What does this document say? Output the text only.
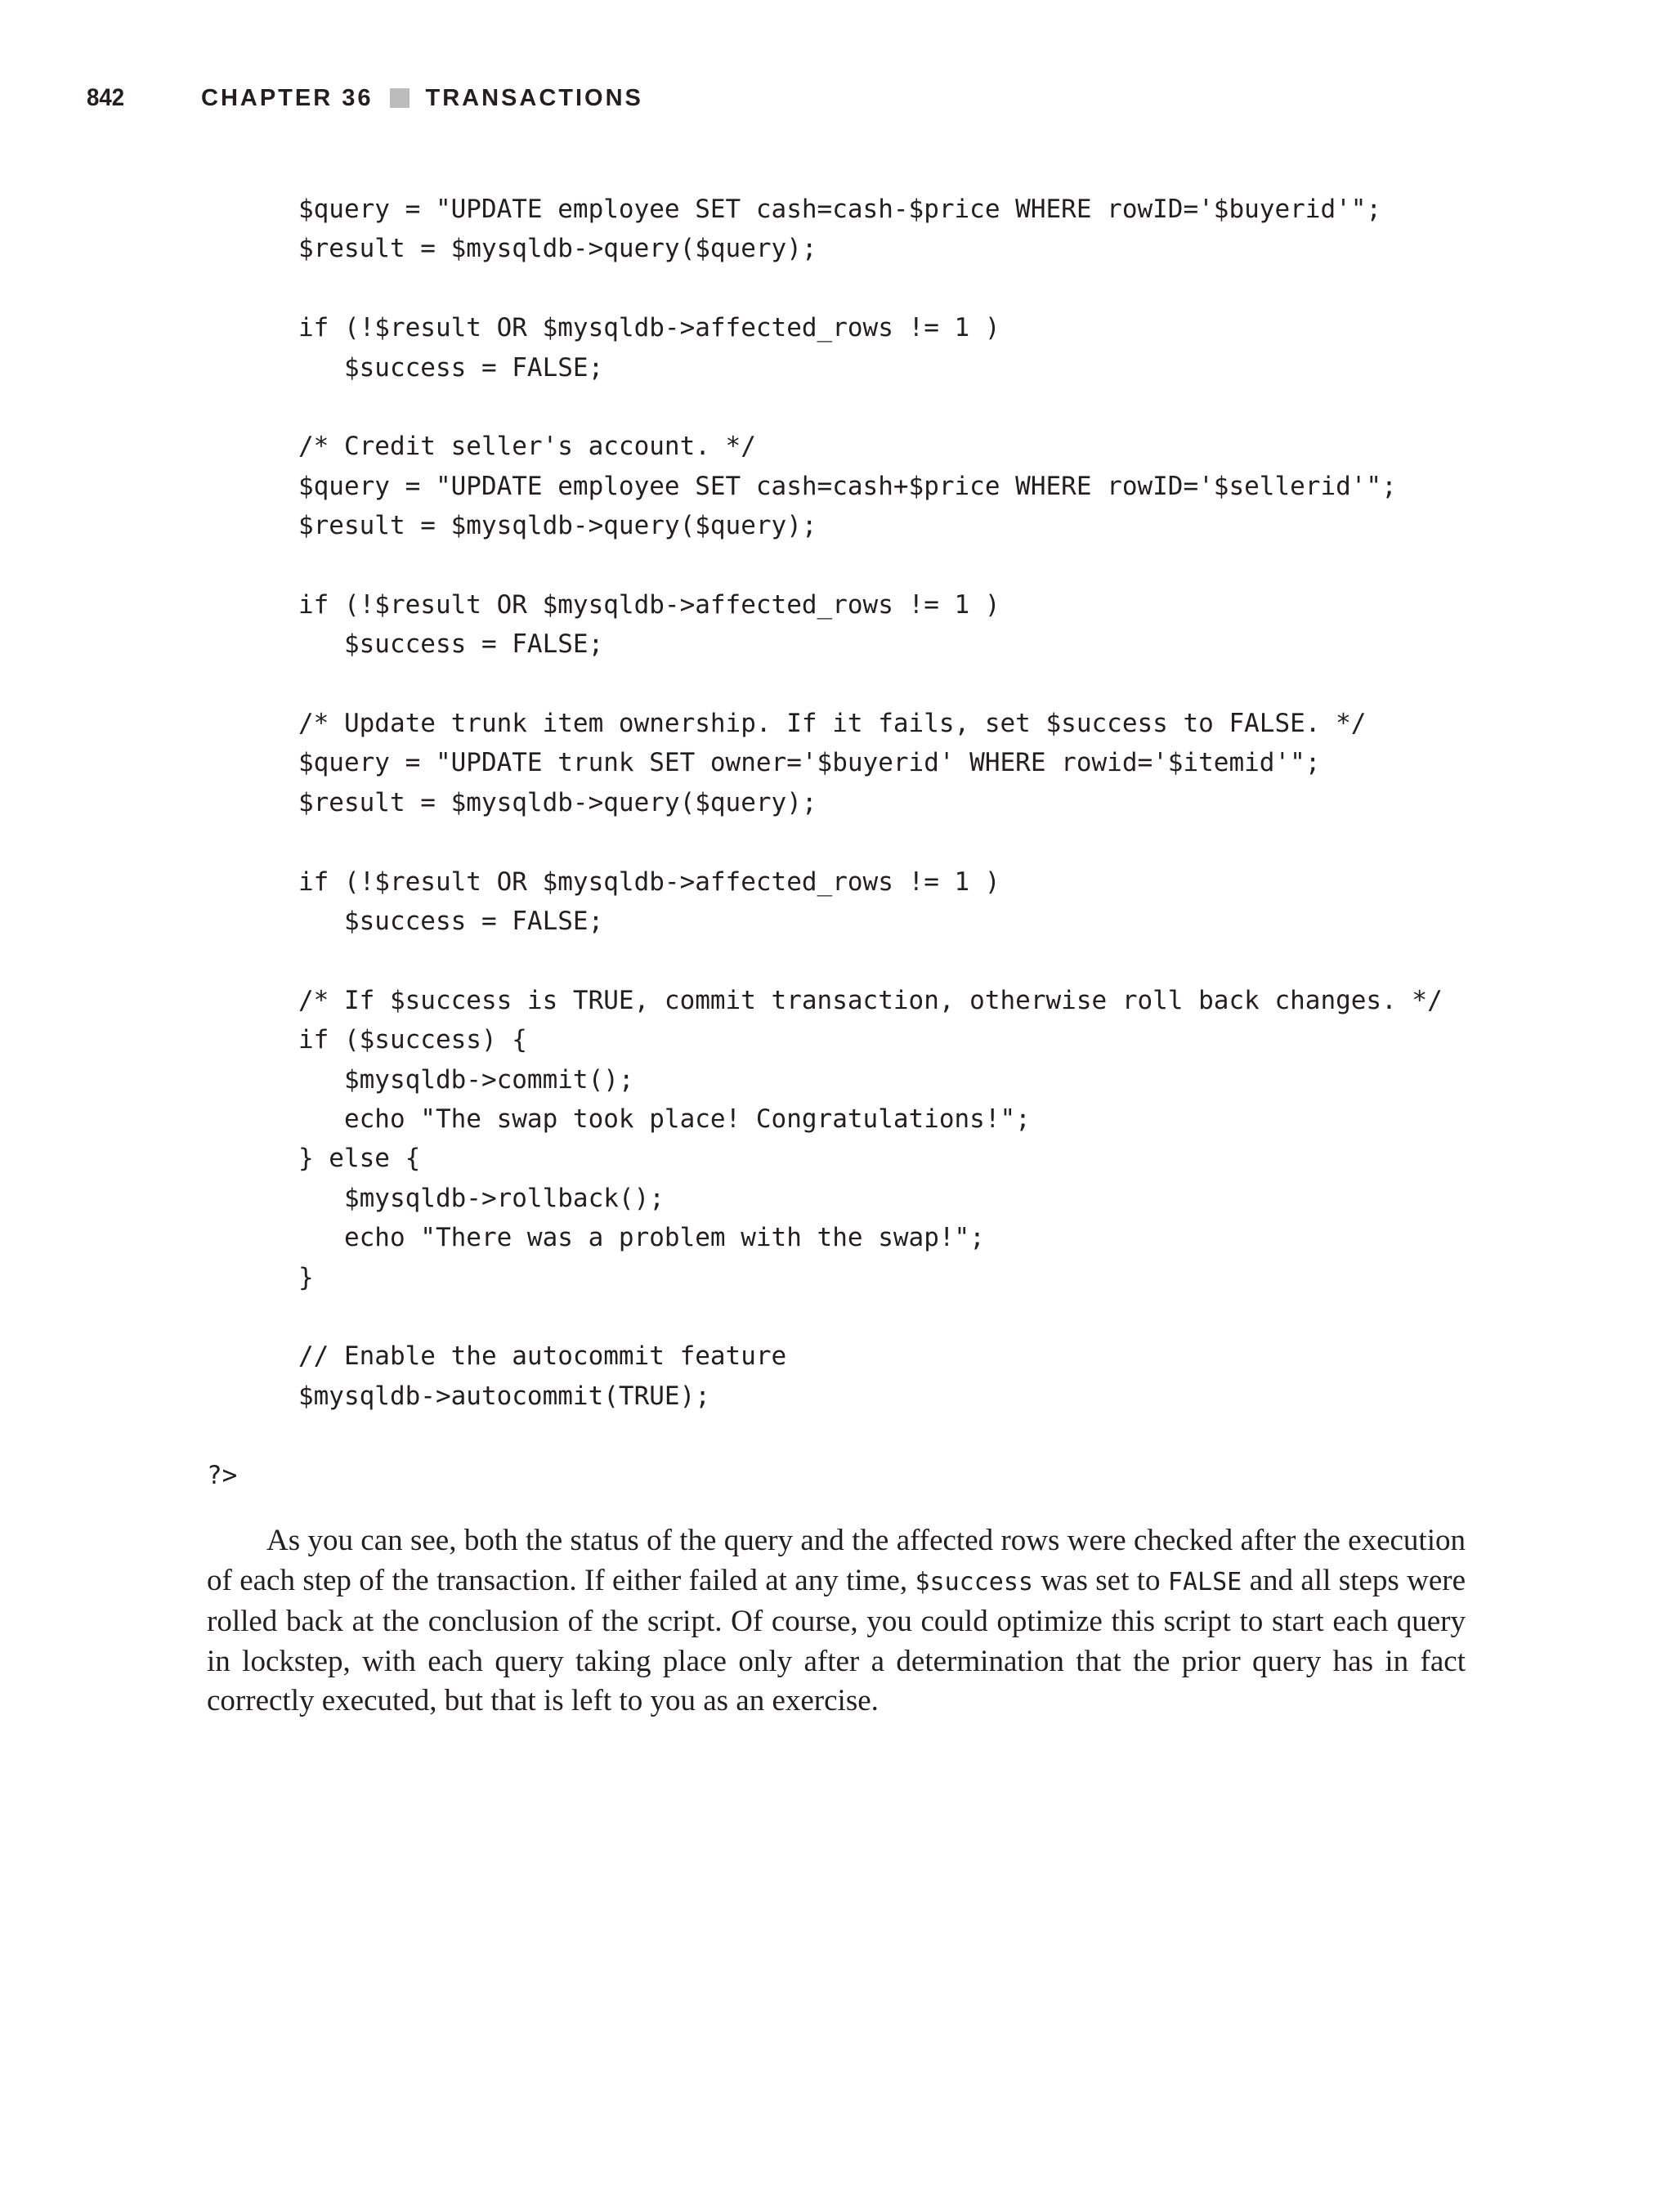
842	CHAPTER 36 TRANSACTIONS
$query = "UPDATE employee SET cash=cash-$price WHERE rowID='$buyerid'";
$result = $mysqldb->query($query);
if (!$result OR $mysqldb->affected_rows != 1 )
$success = FALSE;
/* Credit seller's account. */
$query = "UPDATE employee SET cash=cash+$price WHERE rowID='$sellerid'";
$result = $mysqldb->query($query);
if (!$result OR $mysqldb->affected_rows != 1 )
$success = FALSE;
/* Update trunk item ownership. If it fails, set $success to FALSE. */
$query = "UPDATE trunk SET owner='$buyerid' WHERE rowid='$itemid'";
$result = $mysqldb->query($query);
if (!$result OR $mysqldb->affected_rows != 1 )
$success = FALSE;
/* If $success is TRUE, commit transaction, otherwise roll back changes. */
if ($success) {
$mysqldb->commit();
echo "The swap took place! Congratulations!";
} else {
$mysqldb->rollback();
echo "There was a problem with the swap!";
}
// Enable the autocommit feature
$mysqldb->autocommit(TRUE);
?>

As you can see, both the status of the query and the affected rows were checked after the execution of each step of the transaction. If either failed at any time, $success was set to FALSE and all steps were rolled back at the conclusion of the script. Of course, you could optimize this script to start each query in lockstep, with each query taking place only after a determination that the prior query has in fact correctly executed, but that is left to you as an exercise.
